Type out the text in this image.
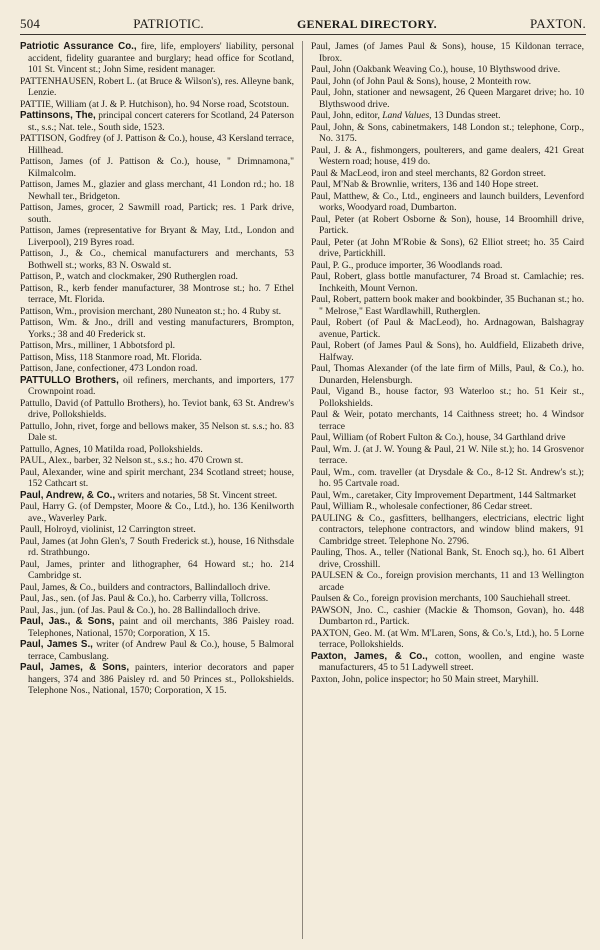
504	PATRIOTIC.	GENERAL DIRECTORY.	PAXTON.

Patriotic Assurance Co., fire, life, employers' liability, personal accident, fidelity guarantee and burglary; head office for Scotland, 101 St. Vincent st.; John Sime, resident manager.

PATTENHAUSEN, Robert L. (at Bruce & Wilson's), res. Alleyne bank, Lenzie.

PATTIE, William (at J. & P. Hutchison), ho. 94 Norse road, Scotstoun.

Pattinsons, The, principal concert caterers for Scotland, 24 Paterson st., s.s.; Nat. tele., South side, 1523.

PATTISON, Godfrey (of J. Pattison & Co.), house, 43 Kersland terrace, Hillhead.

Pattison, James (of J. Pattison & Co.), house, " Drimnamona," Kilmalcolm.

Pattison, James M., glazier and glass merchant, 41 London rd.; ho. 18 Newhall ter., Bridgeton.

Pattison, James, grocer, 2 Sawmill road, Partick; res. 1 Park drive, south.

Pattison, James (representative for Bryant & May, Ltd., London and Liverpool), 219 Byres road.

Pattison, J., & Co., chemical manufacturers and merchants, 53 Bothwell st.; works, 83 N. Oswald st.

Pattison, P., watch and clockmaker, 290 Rutherglen road.

Pattison, R., kerb fender manufacturer, 38 Montrose st.; ho. 7 Ethel terrace, Mt. Florida.

Pattison, Wm., provision merchant, 280 Nuneaton st.; ho. 4 Ruby st.

Pattison, Wm. & Jno., drill and vesting manufacturers, Brompton, Yorks.; 38 and 40 Frederick st.

Pattison, Mrs., milliner, 1 Abbotsford pl.

Pattison, Miss, 118 Stanmore road, Mt. Florida.

Pattison, Jane, confectioner, 473 London road.

PATTULLO Brothers, oil refiners, merchants, and importers, 177 Crownpoint road.

Pattullo, David (of Pattullo Brothers), ho. Teviot bank, 63 St. Andrew's drive, Pollokshields.

Pattullo, John, rivet, forge and bellows maker, 35 Nelson st. s.s.; ho. 83 Dale st.

Pattullo, Agnes, 10 Matilda road, Pollokshields.

PAUL, Alex., barber, 32 Nelson st., s.s.; ho. 470 Crown st.

Paul, Alexander, wine and spirit merchant, 234 Scotland street; house, 152 Cathcart st.

Paul, Andrew, & Co., writers and notaries, 58 St. Vincent street.

Paul, Harry G. (of Dempster, Moore & Co., Ltd.), ho. 136 Kenilworth ave., Waverley Park.

Paull, Holroyd, violinist, 12 Carrington street.

Paul, James (at John Glen's, 7 South Frederick st.), house, 16 Nithsdale rd. Strathbungo.

Paul, James, printer and lithographer, 64 Howard st.; ho. 214 Cambridge st.

Paul, James, & Co., builders and contractors, Ballindalloch drive.

Paul, Jas., sen. (of Jas. Paul & Co.), ho. Carberry villa, Tollcross.

Paul, Jas., jun. (of Jas. Paul & Co.), ho. 28 Ballindalloch drive.

Paul, Jas., & Sons, paint and oil merchants, 386 Paisley road. Telephones, National, 1570; Corporation, X 15.

Paul, James S., writer (of Andrew Paul & Co.), house, 5 Balmoral terrace, Cambuslang.

Paul, James, & Sons, painters, interior decorators and paper hangers, 374 and 386 Paisley rd. and 50 Princes st., Pollokshields. Telephone Nos., National, 1570; Corporation, X 15.

Paul, James (of James Paul & Sons), house, 15 Kildonan terrace, Ibrox.

Paul, John (Oakbank Weaving Co.), house, 10 Blythswood drive.

Paul, John (of John Paul & Sons), house, 2 Monteith row.

Paul, John, stationer and newsagent, 26 Queen Margaret drive; ho. 10 Blythswood drive.

Paul, John, editor, Land Values, 13 Dundas street.

Paul, John, & Sons, cabinetmakers, 148 London st.; telephone, Corp., No. 3175.

Paul, J. & A., fishmongers, poulterers, and game dealers, 421 Great Western road; house, 419 do.

Paul & MacLeod, iron and steel merchants, 82 Gordon street.

Paul, M'Nab & Brownlie, writers, 136 and 140 Hope street.

Paul, Matthew, & Co., Ltd., engineers and launch builders, Levenford works, Woodyard road, Dumbarton.

Paul, Peter (at Robert Osborne & Son), house, 14 Broomhill drive, Partick.

Paul, Peter (at John M'Robie & Sons), 62 Elliot street; ho. 35 Caird drive, Partickhill.

Paul, P. G., produce importer, 36 Woodlands road.

Paul, Robert, glass bottle manufacturer, 74 Broad st. Camlachie; res. Inchkeith, Mount Vernon.

Paul, Robert, pattern book maker and bookbinder, 35 Buchanan st.; ho. " Melrose," East Wardlawhill, Rutherglen.

Paul, Robert (of Paul & MacLeod), ho. Ardnagowan, Balshagray avenue, Partick.

Paul, Robert (of James Paul & Sons), ho. Auldfield, Elizabeth drive, Halfway.

Paul, Thomas Alexander (of the late firm of Mills, Paul, & Co.), ho. Dunarden, Helensburgh.

Paul, Vigand B., house factor, 93 Waterloo st.; ho. 51 Keir st., Pollokshields.

Paul & Weir, potato merchants, 14 Caithness street; ho. 4 Windsor terrace

Paul, William (of Robert Fulton & Co.), house, 34 Garthland drive

Paul, Wm. J. (at J. W. Young & Paul, 21 W. Nile st.); ho. 14 Grosvenor terrace.

Paul, Wm., com. traveller (at Drysdale & Co., 8-12 St. Andrew's st.); ho. 95 Cartvale road.

Paul, Wm., caretaker, City Improvement Department, 144 Saltmarket

Paul, William R., wholesale confectioner, 86 Cedar street.

PAULING & Co., gasfitters, bellhangers, electricians, electric light contractors, telephone contractors, and window blind makers, 91 Cambridge street. Telephone No. 2796.

Pauling, Thos. A., teller (National Bank, St. Enoch sq.), ho. 61 Albert drive, Crosshill.

PAULSEN & Co., foreign provision merchants, 11 and 13 Wellington arcade

Paulsen & Co., foreign provision merchants, 100 Sauchiehall street.

PAWSON, Jno. C., cashier (Mackie & Thomson, Govan), ho. 448 Dumbarton rd., Partick.

PAXTON, Geo. M. (at Wm. M'Laren, Sons, & Co.'s, Ltd.), ho. 5 Lorne terrace, Pollokshields.

Paxton, James, & Co., cotton, woollen, and engine waste manufacturers, 45 to 51 Ladywell street.

Paxton, John, police inspector; ho 50 Main street, Maryhill.
